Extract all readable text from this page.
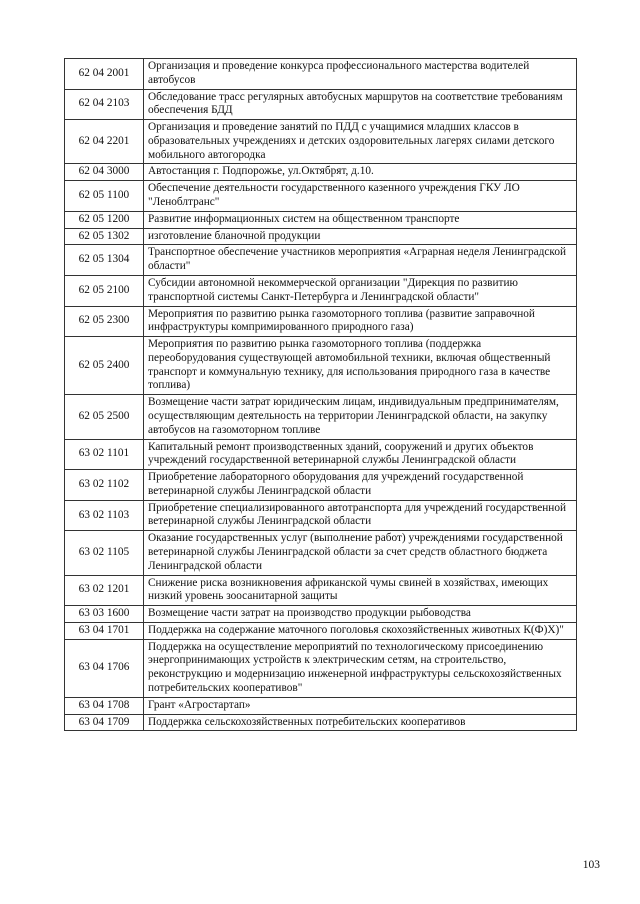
62 04 2001	Организация и проведение конкурса профессионального мастерства водителей автобусов
62 04 2103	Обследование трасс регулярных автобусных маршрутов на соответствие требованиям обеспечения БДД
62 04 2201	Организация и проведение занятий по ПДД с учащимися младших классов в образовательных учреждениях и детских оздоровительных лагерях силами детского мобильного автогородка
62 04 3000	Автостанция г. Подпорожье, ул.Октябрят, д.10.
62 05 1100	Обеспечение деятельности государственного казенного учреждения ГКУ ЛО "Леноблтранс"
62 05 1200	Развитие информационных систем на общественном транспорте
62 05 1302	изготовление бланочной продукции
62 05 1304	Транспортное обеспечение участников мероприятия «Аграрная неделя Ленинградской области"
62 05 2100	Субсидии автономной некоммерческой организации "Дирекция по развитию транспортной системы Санкт-Петербурга и Ленинградской области"
62 05 2300	Мероприятия по развитию рынка газомоторного топлива (развитие заправочной инфраструктуры компримированного природного газа)
62 05 2400	Мероприятия по развитию рынка газомоторного топлива (поддержка переоборудования существующей автомобильной техники, включая общественный транспорт и коммунальную технику, для использования природного газа в качестве топлива)
62 05 2500	Возмещение части затрат юридическим лицам, индивидуальным предпринимателям, осуществляющим деятельность на территории Ленинградской области, на закупку автобусов на газомоторном топливе
63 02 1101	Капитальный ремонт производственных зданий, сооружений и других объектов учреждений государственной ветеринарной службы Ленинградской области
63 02 1102	Приобретение лабораторного оборудования для учреждений государственной ветеринарной службы Ленинградской области
63 02 1103	Приобретение специализированного автотранспорта для учреждений государственной ветеринарной службы Ленинградской области
63 02 1105	Оказание государственных услуг (выполнение работ) учреждениями государственной ветеринарной службы Ленинградской области за счет средств областного бюджета Ленинградской области
63 02 1201	Снижение риска возникновения африканской чумы свиней в хозяйствах, имеющих низкий уровень зоосанитарной защиты
63 03 1600	Возмещение части затрат на производство продукции рыбоводства
63 04 1701	Поддержка на содержание маточного поголовья скохозяйственных животных К(Ф)Х)"
63 04 1706	Поддержка на осуществление мероприятий по технологическому присоединению энергопринимающих устройств к электрическим сетям, на строительство, реконструкцию и модернизацию инженерной инфраструктуры сельскохозяйственных потребительских кооперативов"
63 04 1708	Грант «Агростартап»
63 04 1709	Поддержка сельскохозяйственных потребительских кооперативов
103
